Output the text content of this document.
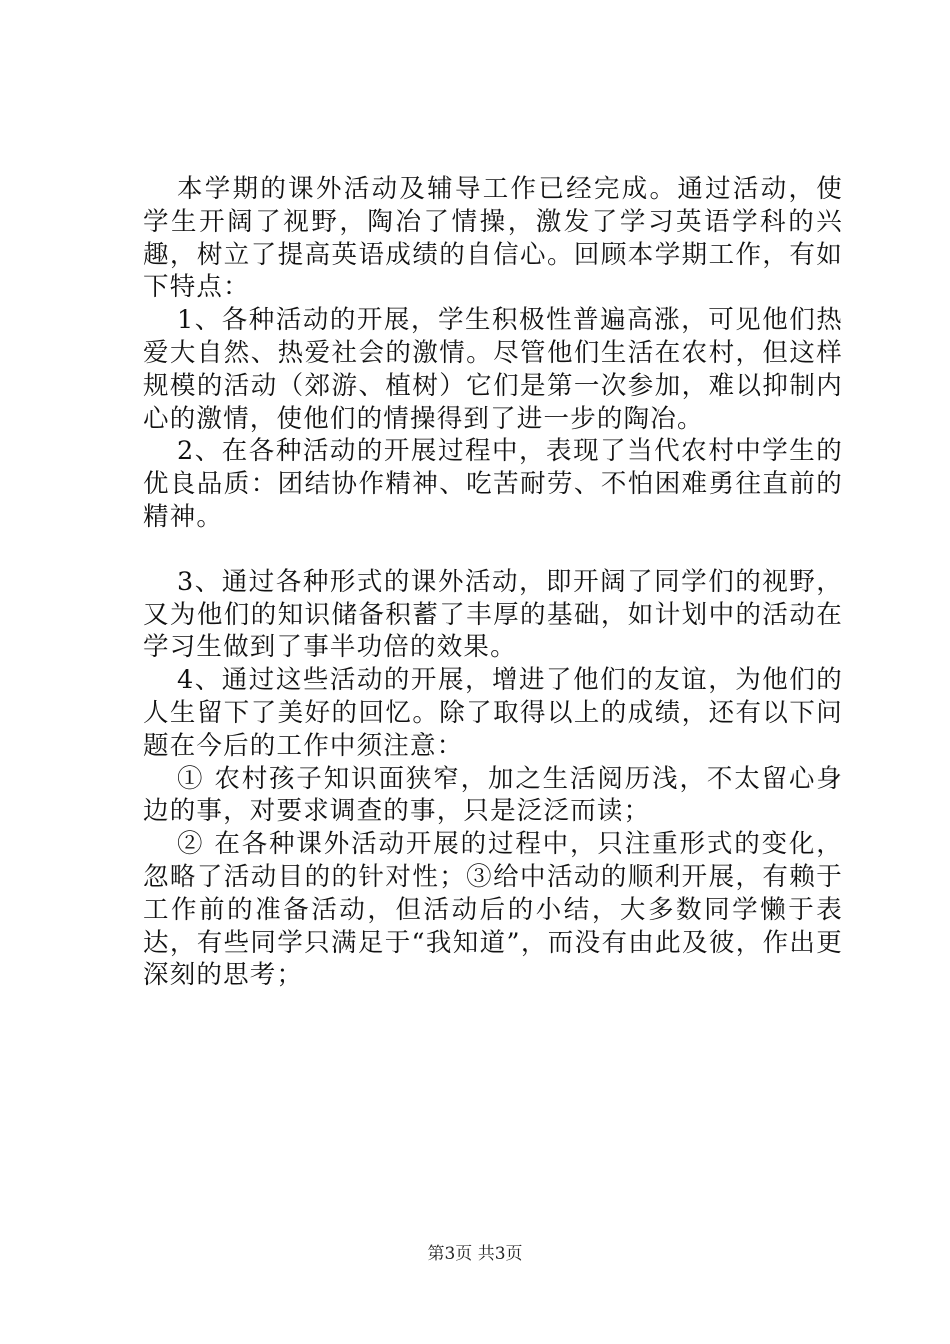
本学期的课外活动及辅导工作已经完成。通过活动，使学生开阔了视野，陶冶了情操，激发了学习英语学科的兴趣，树立了提高英语成绩的自信心。回顾本学期工作，有如下特点：

1、各种活动的开展，学生积极性普遍高涨，可见他们热爱大自然、热爱社会的激情。尽管他们生活在农村，但这样规模的活动（郊游、植树）它们是第一次参加，难以抑制内心的激情，使他们的情操得到了进一步的陶冶。

2、在各种活动的开展过程中，表现了当代农村中学生的优良品质：团结协作精神、吃苦耐劳、不怕困难勇往直前的精神。

3、通过各种形式的课外活动，即开阔了同学们的视野，又为他们的知识储备积蓄了丰厚的基础，如计划中的活动在学习生做到了事半功倍的效果。

4、通过这些活动的开展，增进了他们的友谊，为他们的人生留下了美好的回忆。除了取得以上的成绩，还有以下问题在今后的工作中须注意：

① 农村孩子知识面狭窄，加之生活阅历浅，不太留心身边的事，对要求调查的事，只是泛泛而读；

② 在各种课外活动开展的过程中，只注重形式的变化，忽略了活动目的的针对性；③给中活动的顺利开展，有赖于工作前的准备活动，但活动后的小结，大多数同学懒于表达，有些同学只满足于“我知道”，而没有由此及彼，作出更深刻的思考；

第3页 共3页
